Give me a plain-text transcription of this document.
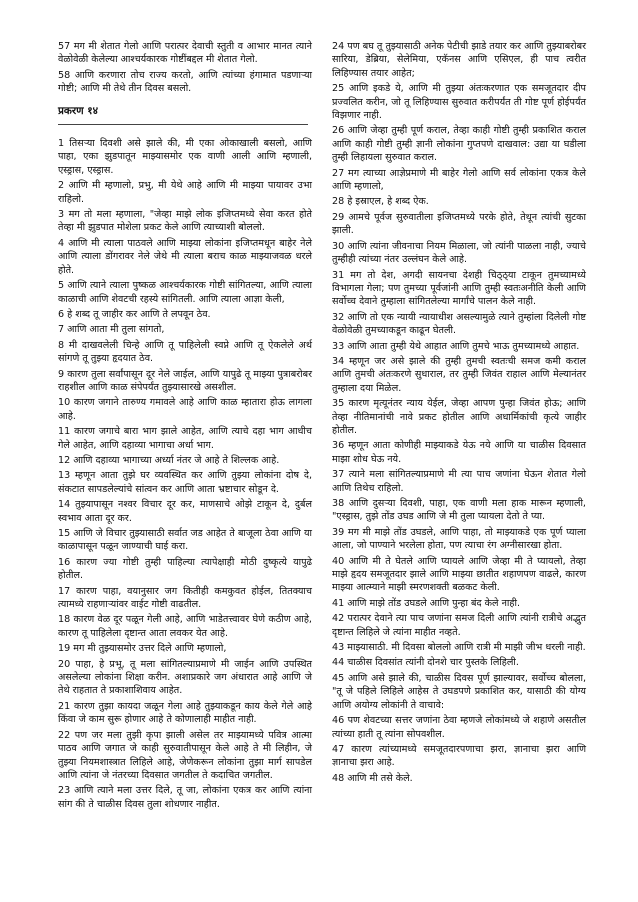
57 मग मी शेतात गेलो आणि परात्पर देवाची स्तुती व आभार मानत त्याने वेळोवेळी केलेल्या आश्चर्यकारक गोष्टींबद्दल मी शेतात गेलो.

58 आणि करणारा तोच राज्य करतो, आणि त्यांच्या हंगामात पडणाऱ्या गोष्टी; आणि मी तेथे तीन दिवस बसलो.

प्रकरण १४

1 तिसऱ्या दिवशी असे झाले की, मी एका ओकाखाली बसलो, आणि पाहा, एका झुडपातून माझ्यासमोर एक वाणी आली आणि म्हणाली, एस्ड्रास, एस्ड्रास.

2 आणि मी म्हणालो, प्रभु, मी येथे आहे आणि मी माझ्या पायावर उभा राहिलो.

3 मग तो मला म्हणाला, "जेव्हा माझे लोक इजिप्तमध्ये सेवा करत होते तेव्हा मी झुडपात मोशेला प्रकट केले आणि त्याच्याशी बोललो.

4 आणि मी त्याला पाठवले आणि माझ्या लोकांना इजिप्तमधून बाहेर नेले आणि त्याला डोंगरावर नेले जेथे मी त्याला बराच काळ माझ्याजवळ धरले होते.

5 आणि त्याने त्याला पुष्कळ आश्चर्यकारक गोष्टी सांगितल्या, आणि त्याला काळाची आणि शेवटची रहस्ये सांगितली. आणि त्याला आज्ञा केली,

6 हे शब्द तू जाहीर कर आणि ते लपवून ठेव.

7 आणि आता मी तुला सांगतो,

8 मी दाखवलेली चिन्हे आणि तू पाहिलेली स्वप्ने आणि तू ऐकलेले अर्थ सांगणे तू तुझ्या हृदयात ठेव.

9 कारण तुला सर्वांपासून दूर नेले जाईल, आणि यापुढे तू माझ्या पुत्राबरोबर राहशील आणि काळ संपेपर्यंत तुझ्यासारखे असशील.

10 कारण जगाने तारुण्य गमावले आहे आणि काळ म्हातारा होऊ लागला आहे.

11 कारण जगाचे बारा भाग झाले आहेत, आणि त्याचे दहा भाग आधीच गेले आहेत, आणि दहाव्या भागाचा अर्धा भाग.

12 आणि दहाव्या भागाच्या अर्ध्या नंतर जे आहे ते शिल्लक आहे.

13 म्हणून आता तुझे घर व्यवस्थित कर आणि तुझ्या लोकांना दोष दे, संकटात सापडलेल्यांचे सांत्वन कर आणि आता भ्रष्टाचार सोडून दे.

14 तुझ्यापासून नश्वर विचार दूर कर, माणसाचे ओझे टाकून दे, दुर्बल स्वभाव आता दूर कर.

15 आणि जे विचार तुझ्यासाठी सर्वात जड आहेत ते बाजूला ठेवा आणि या काळापासून पळून जाण्याची घाई करा.

16 कारण ज्या गोष्टी तुम्ही पाहिल्या त्यापेक्षाही मोठी दुष्कृत्ये यापुढे होतील.

17 कारण पाहा, वयानुसार जग कितीही कमकुवत होईल, तितक्याच त्यामध्ये राहणाऱ्यांवर वाईट गोष्टी वाढतील.

18 कारण वेळ दूर पळून गेली आहे, आणि भाडेतत्त्वावर घेणे कठीण आहे, कारण तू पाहिलेला दृष्टान्त आता लवकर येत आहे.

19 मग मी तुझ्यासमोर उत्तर दिले आणि म्हणालो,

20 पाहा, हे प्रभू, तू मला सांगितल्याप्रमाणे मी जाईन आणि उपस्थित असलेल्या लोकांना शिक्षा करीन. अशाप्रकारे जग अंधारात आहे आणि जे तेथे राहतात ते प्रकाशाशिवाय आहेत.

21 कारण तुझा कायदा जळून गेला आहे तुझ्याकडून काय केले गेले आहे किंवा जे काम सुरू होणार आहे ते कोणालाही माहीत नाही.

22 पण जर मला तुझी कृपा झाली असेल तर माझ्यामध्ये पवित्र आत्मा पाठव आणि जगात जे काही सुरुवातीपासून केले आहे ते मी लिहीन, जे तुझ्या नियमशास्त्रात लिहिले आहे, जेणेकरून लोकांना तुझा मार्ग सापडेल आणि त्यांना जे नंतरच्या दिवसात जगतील ते कदाचित जगतील.

23 आणि त्याने मला उत्तर दिले, तू जा, लोकांना एकत्र कर आणि त्यांना सांग की ते चाळीस दिवस तुला शोधणार नाहीत.

24 पण बघ तू तुझ्यासाठी अनेक पेटीची झाडे तयार कर आणि तुझ्याबरोबर सारिया, डेब्रिया, सेलेमिया, एकॅनस आणि एसिएल, ही पाच त्वरीत लिहिण्यास तयार आहेत;

25 आणि इकडे ये, आणि मी तुझ्या अंतःकरणात एक समजूतदार दीप प्रज्वलित करीन, जो तू लिहिण्यास सुरुवात करीपर्यंत ती गोष्ट पूर्ण होईपर्यंत विझणार नाही.

26 आणि जेव्हा तुम्ही पूर्ण कराल, तेव्हा काही गोष्टी तुम्ही प्रकाशित कराल आणि काही गोष्टी तुम्ही ज्ञानी लोकांना गुप्तपणे दाखवाल: उद्या या घडीला तुम्ही लिहायला सुरुवात कराल.

27 मग त्याच्या आज्ञेप्रमाणे मी बाहेर गेलो आणि सर्व लोकांना एकत्र केले आणि म्हणालो,

28 हे इस्राएल, हे शब्द ऐक.

29 आमचे पूर्वज सुरुवातीला इजिप्तमध्ये परके होते, तेथून त्यांची सुटका झाली.

30 आणि त्यांना जीवनाचा नियम मिळाला, जो त्यांनी पाळला नाही, ज्याचे तुम्हीही त्यांच्या नंतर उल्लंघन केले आहे.

31 मग तो देश, अगदी सायनचा देशही चिठ्ठ्या टाकून तुमच्यामध्ये विभागला गेला; पण तुमच्या पूर्वजांनी आणि तुम्ही स्वतःअनीति केली आणि सर्वोच्च देवाने तुम्हाला सांगितलेल्या मार्गांचे पालन केले नाही.

32 आणि तो एक न्यायी न्यायाधीश असल्यामुळे त्याने तुम्हांला दिलेली गोष्ट वेळोवेळी तुमच्याकडून काढून घेतली.

33 आणि आता तुम्ही येथे आहात आणि तुमचे भाऊ तुमच्यामध्ये आहात.

34 म्हणून जर असे झाले की तुम्ही तुमची स्वतःची समज कमी कराल आणि तुमची अंतःकरणे सुधाराल, तर तुम्ही जिवंत राहाल आणि मेल्यानंतर तुम्हाला दया मिळेल.

35 कारण मृत्यूनंतर न्याय येईल, जेव्हा आपण पुन्हा जिवंत होऊ; आणि तेव्हा नीतिमानांची नावे प्रकट होतील आणि अधार्मिकांची कृत्ये जाहीर होतील.

36 म्हणून आता कोणीही माझ्याकडे येऊ नये आणि या चाळीस दिवसात माझा शोध घेऊ नये.

37 त्याने मला सांगितल्याप्रमाणे मी त्या पाच जणांना घेऊन शेतात गेलो आणि तिथेच राहिलो.

38 आणि दुसऱ्या दिवशी, पाहा, एक वाणी मला हाक मारून म्हणाली, "एस्ड्रास, तुझे तोंड उघड आणि जे मी तुला प्यायला देतो ते प्या.

39 मग मी माझे तोंड उघडले, आणि पाहा, तो माझ्याकडे एक पूर्ण प्याला आला, जो पाण्याने भरलेला होता, पण त्याचा रंग अग्नीसारखा होता.

40 आणि मी ते घेतले आणि प्यायले आणि जेव्हा मी ते प्यायलो, तेव्हा माझे हृदय समजूतदार झाले आणि माझ्या छातीत शहाणपण वाढले, कारण माझ्या आत्म्याने माझी स्मरणशक्ती बळकट केली.

41 आणि माझे तोंड उघडले आणि पुन्हा बंद केले नाही.

42 परात्पर देवाने त्या पाच जणांना समज दिली आणि त्यांनी रात्रीचे अद्भुत दृष्टान्त लिहिले जे त्यांना माहीत नव्हते.

43 माझ्यासाठी. मी दिवसा बोललो आणि रात्री मी माझी जीभ धरली नाही.

44 चाळीस दिवसांत त्यांनी दोनशे चार पुस्तके लिहिली.

45 आणि असे झाले की, चाळीस दिवस पूर्ण झाल्यावर, सर्वोच्च बोलला, "तू जे पहिले लिहिले आहेस ते उघडपणे प्रकाशित कर, यासाठी की योग्य आणि अयोग्य लोकांनी ते वाचावे:

46 पण शेवटच्या सत्तर जणांना ठेवा म्हणजे लोकांमध्ये जे शहाणे असतील त्यांच्या हाती तू त्यांना सोपवशील.

47 कारण त्यांच्यामध्ये समजूतदारपणाचा झरा, ज्ञानाचा झरा आणि ज्ञानाचा झरा आहे.

48 आणि मी तसे केले.
